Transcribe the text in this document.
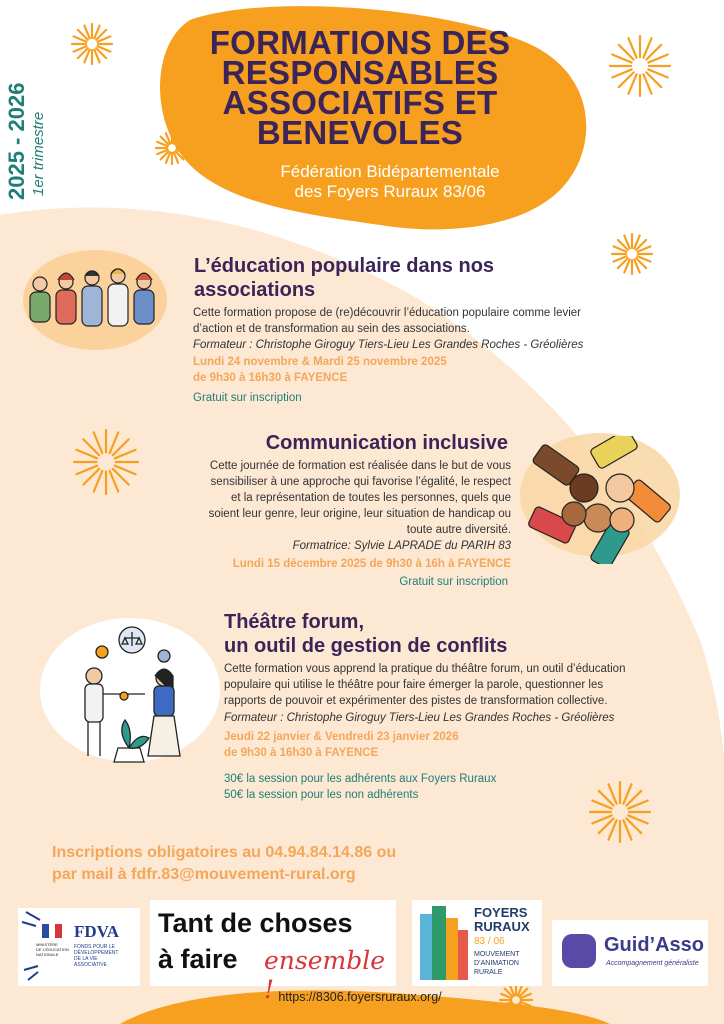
FORMATIONS DES
RESPONSABLES
ASSOCIATIFS ET
BENEVOLES
Fédération Bidépartementale
des Foyers Ruraux 83/06
2025 - 2026
1er trimestre
L’éducation populaire dans nos
associations
Cette formation propose de (re)découvrir l’éducation populaire comme levier
d’action et de transformation au sein des associations.
Formateur : Christophe Giroguy Tiers-Lieu Les Grandes Roches - Gréolières
Lundi 24 novembre & Mardi 25 novembre 2025
de 9h30 à 16h30 à FAYENCE
Gratuit sur inscription
Communication inclusive
Cette journée de formation est réalisée dans le but de vous
sensibiliser à une approche qui favorise l’égalité, le respect
et la représentation de toutes les personnes, quels que
soient leur genre, leur origine, leur situation de handicap ou
toute autre diversité.
Formatrice: Sylvie LAPRADE du PARIH 83
Lundi 15 décembre 2025 de 9h30 à 16h à FAYENCE
Gratuit sur inscription
Théâtre forum,
un outil de gestion de conflits
Cette formation vous apprend la pratique du théâtre forum, un outil d’éducation
populaire qui utilise le théâtre pour faire émerger la parole, questionner les
rapports de pouvoir et expérimenter des pistes de transformation collective.
Formateur : Christophe Giroguy Tiers-Lieu Les Grandes Roches - Gréolières
Jeudi 22 janvier & Vendredi 23 janvier 2026
de 9h30 à 16h30 à FAYENCE
30€ la session pour les adhérents aux Foyers Ruraux
50€ la session pour les non adhérents
Inscriptions obligatoires au 04.94.84.14.86 ou
par mail à fdfr.83@mouvement-rural.org
MINISTÈRE
DE L’ÉDUCATION
NATIONALE
FDVA
FONDS POUR LE
DÉVELOPPEMENT
DE LA VIE
ASSOCIATIVE
Tant de choses
à faire ensemble !
FOYERS
RURAUX
83 / 06
MOUVEMENT
D’ANIMATION
RURALE
Guid’Asso
Accompagnement généraliste
https://8306.foyersruraux.org/
